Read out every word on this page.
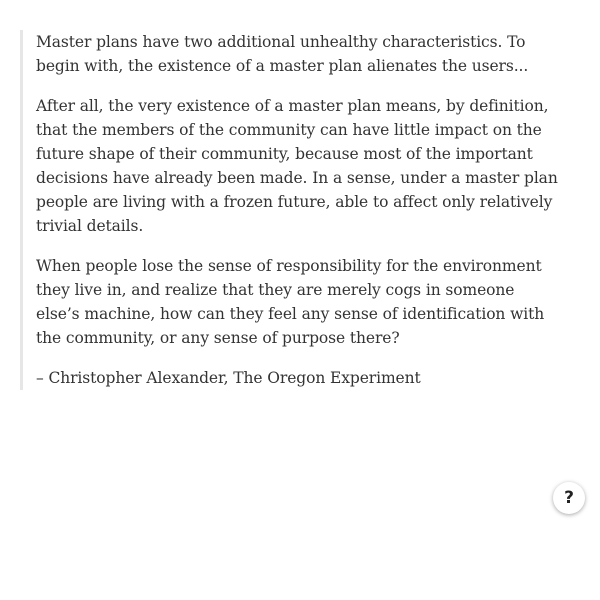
Master plans have two additional unhealthy characteristics. To begin with, the existence of a master plan alienates the users...

After all, the very existence of a master plan means, by definition, that the members of the community can have little impact on the future shape of their community, because most of the important decisions have already been made. In a sense, under a master plan people are living with a frozen future, able to affect only relatively trivial details.

When people lose the sense of responsibility for the environment they live in, and realize that they are merely cogs in someone else’s machine, how can they feel any sense of identification with the community, or any sense of purpose there?

– Christopher Alexander, The Oregon Experiment

?
